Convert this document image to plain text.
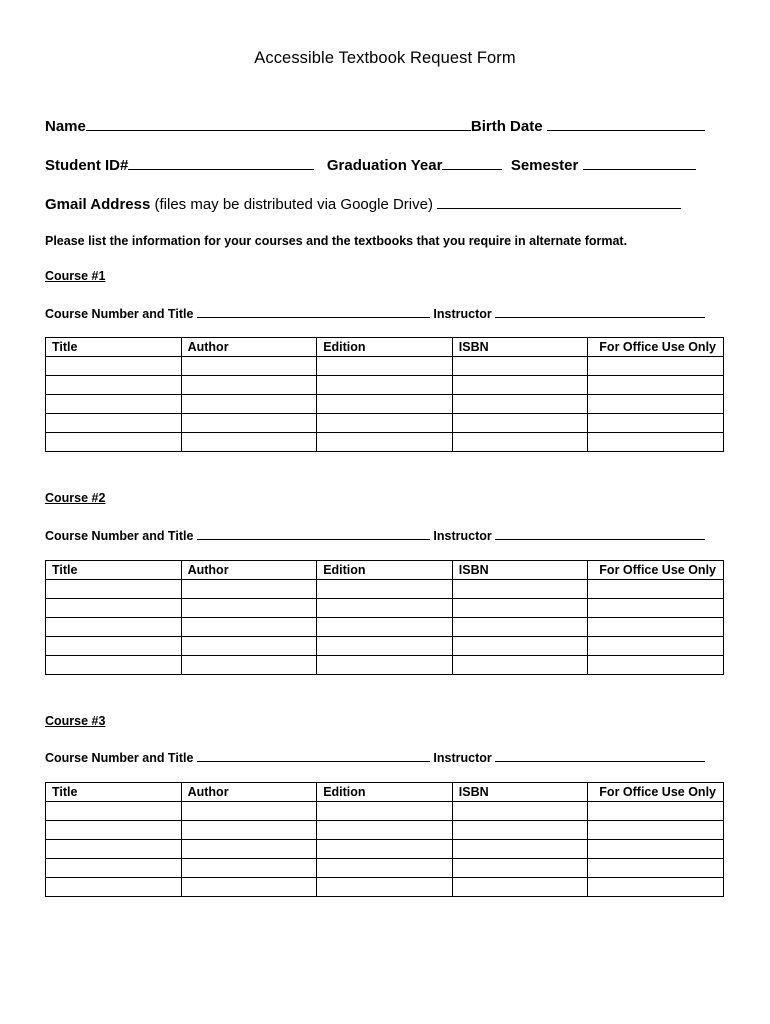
Accessible Textbook Request Form
Name	Birth Date
Student ID#	Graduation Year	Semester
Gmail Address (files may be distributed via Google Drive)
Please list the information for your courses and the textbooks that you require in alternate format.
Course #1
Course Number and Title	Instructor
Title	Author	Edition	ISBN	For Office Use Only

Course #2
Course Number and Title	Instructor
Title	Author	Edition	ISBN	For Office Use Only

Course #3
Course Number and Title	Instructor
Title	Author	Edition	ISBN	For Office Use Only
